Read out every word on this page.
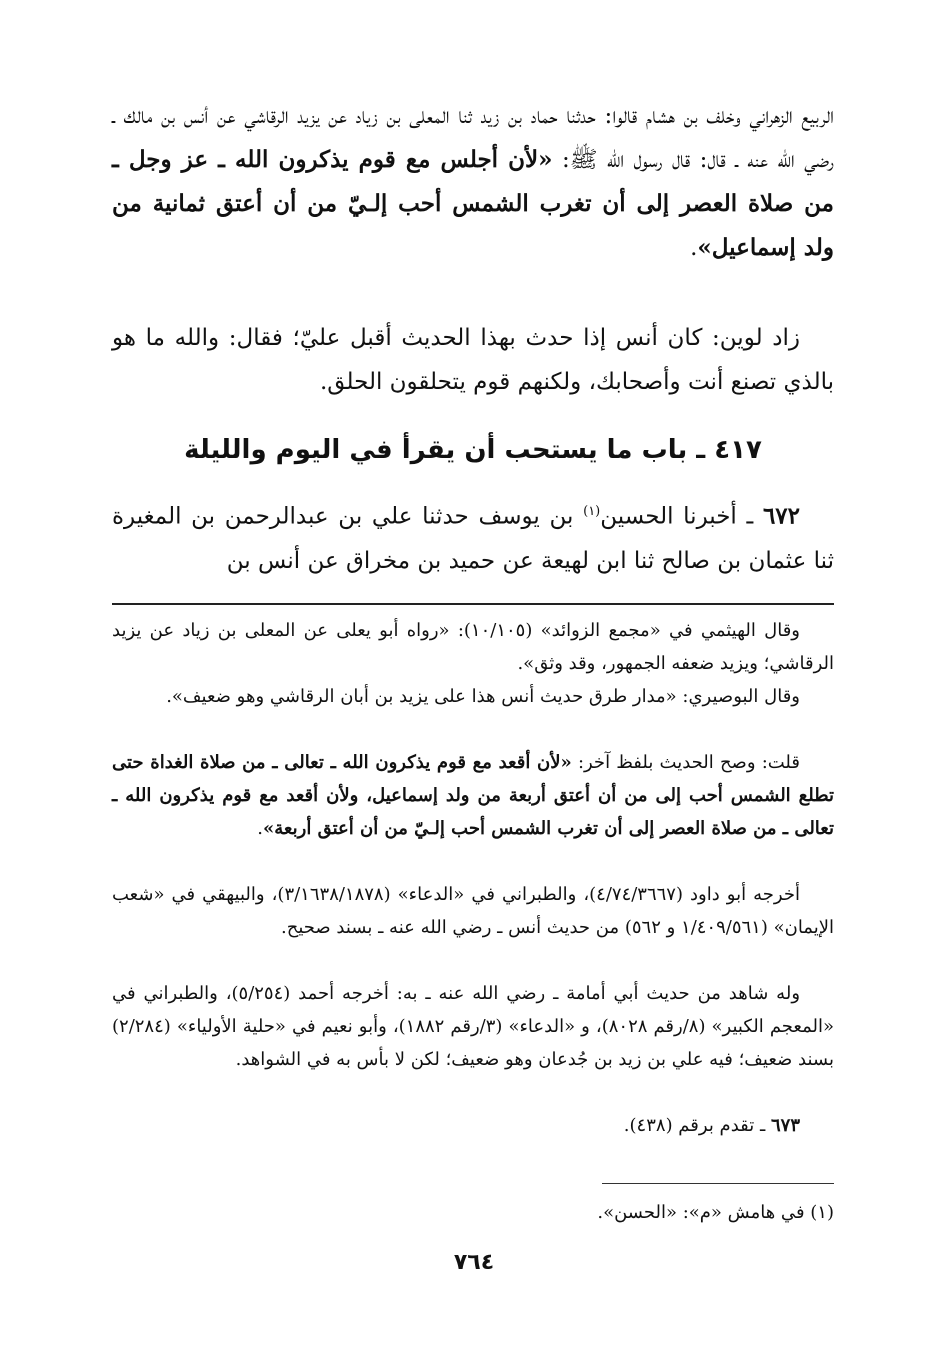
الربيع الزهراني وخلف بن هشام قالوا: حدثنا حماد بن زيد ثنا المعلى بن زياد عن يزيد الرقاشي عن أنس بن مالك ـ رضي الله عنه ـ قال: قال رسول الله ﷺ: «لأن أجلس مع قوم يذكرون الله ـ عز وجل ـ من صلاة العصر إلى أن تغرب الشمس أحب إلـيّ من أن أعتق ثمانية من ولد إسماعيل».

زاد لوين: كان أنس إذا حدث بهذا الحديث أقبل عليّ؛ فقال: والله ما هو بالذي تصنع أنت وأصحابك، ولكنهم قوم يتحلقون الحلق.

٤١٧ ـ باب ما يستحب أن يقرأ في اليوم والليلة

٦٧٢ ـ أخبرنا الحسين$^{(١)}$ بن يوسف حدثنا علي بن عبدالرحمن بن المغيرة ثنا عثمان بن صالح ثنا ابن لهيعة عن حميد بن مخراق عن أنس بن

وقال الهيثمي في «مجمع الزوائد» (١٠/١٠٥): «رواه أبو يعلى عن المعلى بن زياد عن يزيد الرقاشي؛ ويزيد ضعفه الجمهور، وقد وثق».

وقال البوصيري: «مدار طرق حديث أنس هذا على يزيد بن أبان الرقاشي وهو ضعيف».

قلت: وصح الحديث بلفظ آخر: «لأن أقعد مع قوم يذكرون الله ـ تعالى ـ من صلاة الغداة حتى تطلع الشمس أحب إلى من أن أعتق أربعة من ولد إسماعيل، ولأن أقعد مع قوم يذكرون الله ـ تعالى ـ من صلاة العصر إلى أن تغرب الشمس أحب إلـيّ من أن أعتق أربعة».

أخرجه أبو داود (٤/٧٤/٣٦٦٧)، والطبراني في «الدعاء» (٣/١٦٣٨/١٨٧٨)، والبيهقي في «شعب الإيمان» (١/٤٠٩/٥٦١ و ٥٦٢) من حديث أنس ـ رضي الله عنه ـ بسند صحيح.

وله شاهد من حديث أبي أمامة ـ رضي الله عنه ـ به: أخرجه أحمد (٥/٢٥٤)، والطبراني في «المعجم الكبير» (٨/رقم ٨٠٢٨)، و «الدعاء» (٣/رقم ١٨٨٢)، وأبو نعيم في «حلية الأولياء» (٢/٢٨٤) بسند ضعيف؛ فيه علي بن زيد بن جُدعان وهو ضعيف؛ لكن لا بأس به في الشواهد.

٦٧٣ ـ تقدم برقم (٤٣٨).

(١) في هامش «م»: «الحسن».

٧٦٤
